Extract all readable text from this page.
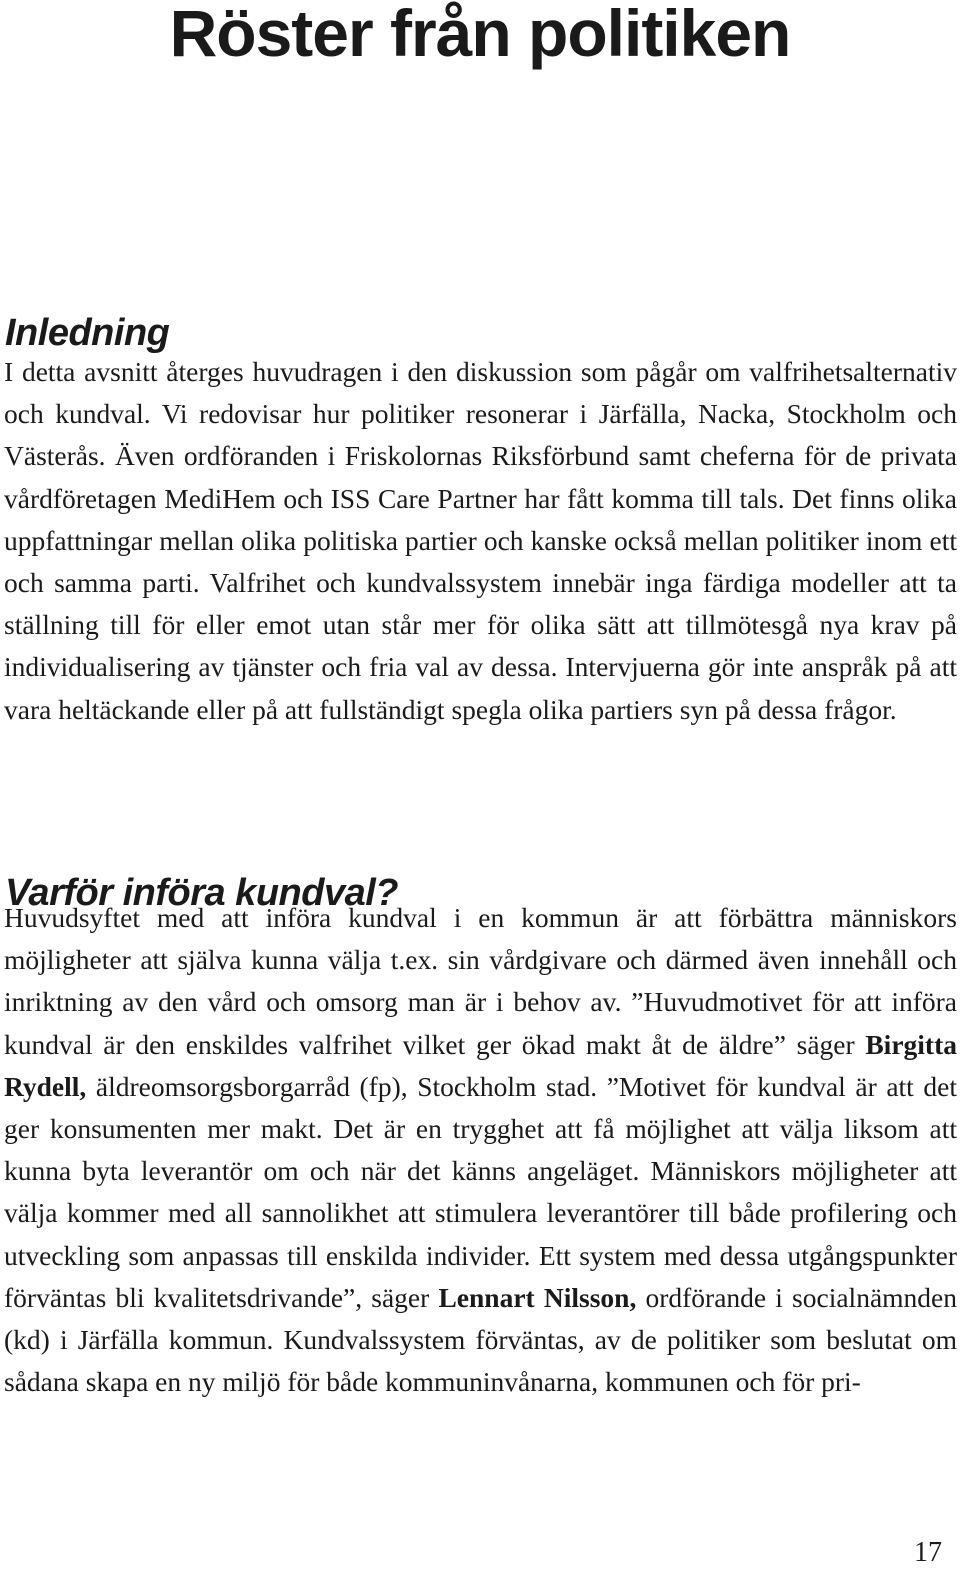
Röster från politiken
Inledning

I detta avsnitt återges huvudragen i den diskussion som pågår om valfrihetsalternativ och kundval. Vi redovisar hur politiker resonerar i Järfälla, Nacka, Stockholm och Västerås. Även ordföranden i Friskolornas Riksförbund samt cheferna för de privata vårdföretagen MediHem och ISS Care Partner har fått komma till tals. Det finns olika uppfattningar mellan olika politiska partier och kanske också mellan politiker inom ett och samma parti. Valfrihet och kundvalssystem innebär inga färdiga modeller att ta ställning till för eller emot utan står mer för olika sätt att tillmötesgå nya krav på individualisering av tjänster och fria val av dessa. Intervjuerna gör inte anspråk på att vara heltäckande eller på att fullständigt spegla olika partiers syn på dessa frågor.

Varför införa kundval?

Huvudsyftet med att införa kundval i en kommun är att förbättra människors möjligheter att själva kunna välja t.ex. sin vårdgivare och därmed även innehåll och inriktning av den vård och omsorg man är i behov av. ”Huvudmotivet för att införa kundval är den enskildes valfrihet vilket ger ökad makt åt de äldre” säger Birgitta Rydell, äldreomsorgsborgarråd (fp), Stockholm stad. ”Motivet för kundval är att det ger konsumenten mer makt. Det är en trygghet att få möjlighet att välja liksom att kunna byta leverantör om och när det känns angeläget. Människors möjligheter att välja kommer med all sannolikhet att stimulera leverantörer till både profilering och utveckling som anpassas till enskilda individer. Ett system med dessa utgångspunkter förväntas bli kvalitetsdrivande”, säger Lennart Nilsson, ordförande i socialnämnden (kd) i Järfälla kommun. Kundvalssystem förväntas, av de politiker som beslutat om sådana skapa en ny miljö för både kommuninvånarna, kommunen och för pri-

17
